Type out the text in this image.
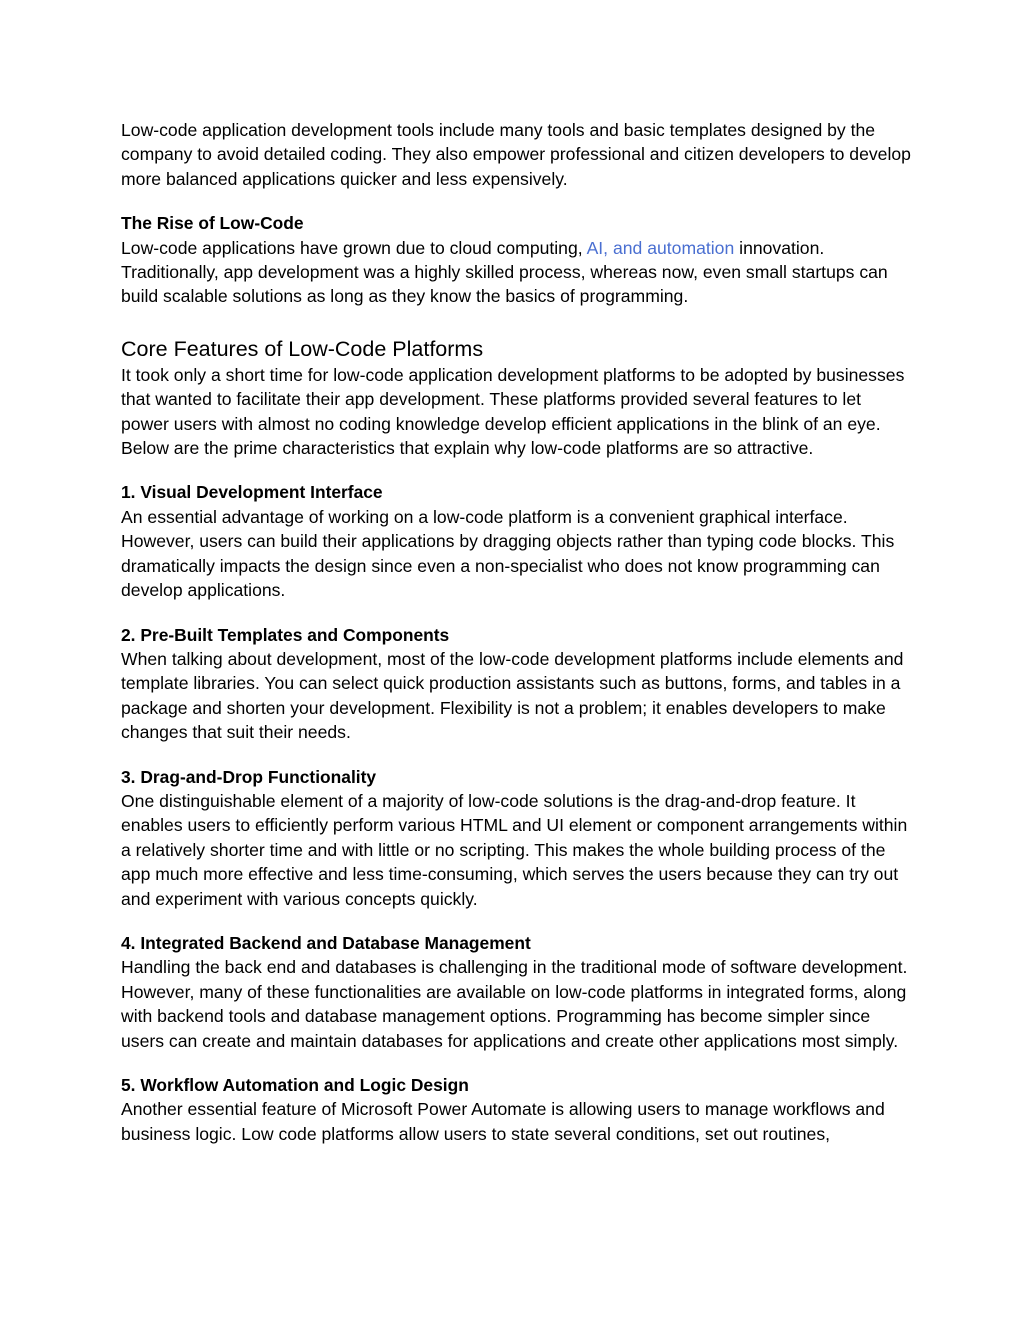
Low-code application development tools include many tools and basic templates designed by the company to avoid detailed coding. They also empower professional and citizen developers to develop more balanced applications quicker and less expensively.

The Rise of Low-Code

Low-code applications have grown due to cloud computing, AI, and automation innovation. Traditionally, app development was a highly skilled process, whereas now, even small startups can build scalable solutions as long as they know the basics of programming.

Core Features of Low-Code Platforms

It took only a short time for low-code application development platforms to be adopted by businesses that wanted to facilitate their app development. These platforms provided several features to let power users with almost no coding knowledge develop efficient applications in the blink of an eye. Below are the prime characteristics that explain why low-code platforms are so attractive.

1. Visual Development Interface

An essential advantage of working on a low-code platform is a convenient graphical interface. However, users can build their applications by dragging objects rather than typing code blocks. This dramatically impacts the design since even a non-specialist who does not know programming can develop applications.

2. Pre-Built Templates and Components

When talking about development, most of the low-code development platforms include elements and template libraries. You can select quick production assistants such as buttons, forms, and tables in a package and shorten your development. Flexibility is not a problem; it enables developers to make changes that suit their needs.

3. Drag-and-Drop Functionality

One distinguishable element of a majority of low-code solutions is the drag-and-drop feature. It enables users to efficiently perform various HTML and UI element or component arrangements within a relatively shorter time and with little or no scripting. This makes the whole building process of the app much more effective and less time-consuming, which serves the users because they can try out and experiment with various concepts quickly.

4. Integrated Backend and Database Management

Handling the back end and databases is challenging in the traditional mode of software development. However, many of these functionalities are available on low-code platforms in integrated forms, along with backend tools and database management options. Programming has become simpler since users can create and maintain databases for applications and create other applications most simply.

5. Workflow Automation and Logic Design

Another essential feature of Microsoft Power Automate is allowing users to manage workflows and business logic. Low code platforms allow users to state several conditions, set out routines,
